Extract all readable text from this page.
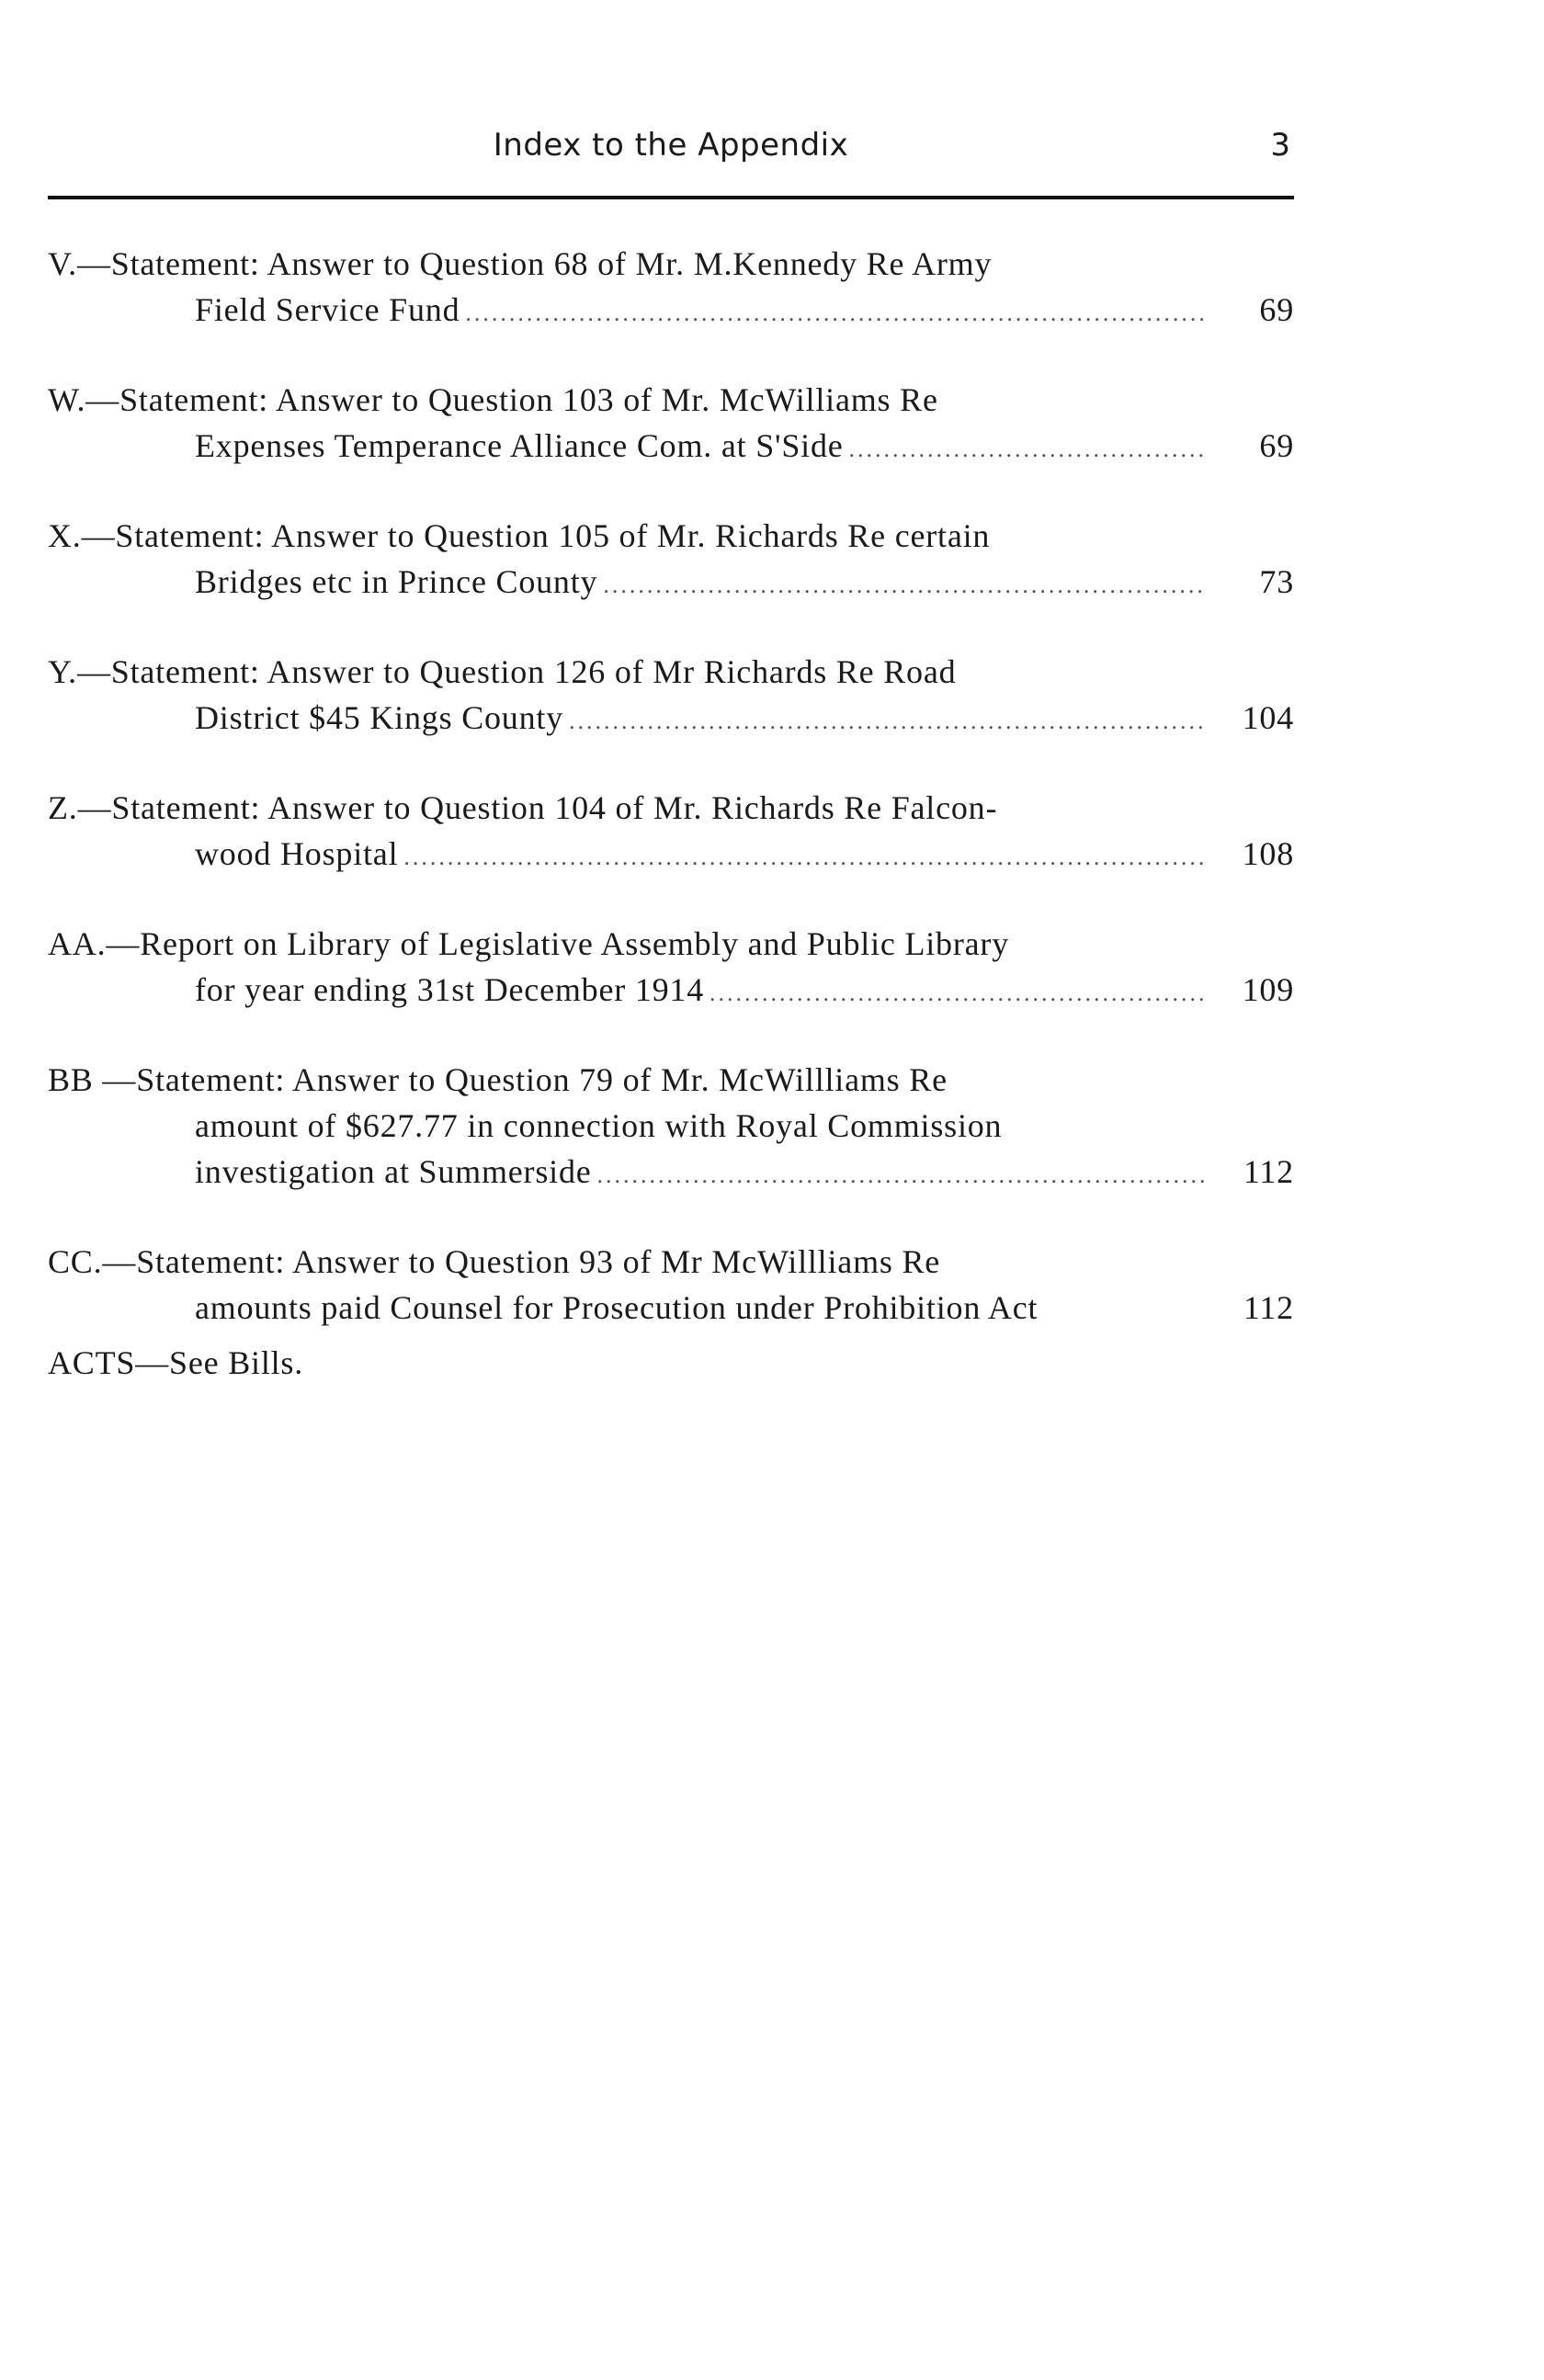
Index to the Appendix	3
V.—Statement: Answer to Question 68 of Mr. M.Kennedy Re Army
Field Service Fund .....	69
W.—Statement: Answer to Question 103 of Mr. McWilliams Re
Expenses Temperance Alliance Com. at S'Side .....	69
X.—Statement: Answer to Question 105 of Mr. Richards Re certain
Bridges etc in Prince County .....	73
Y.—Statement: Answer to Question 126 of Mr Richards Re Road
District $45 Kings County .....	104
Z.—Statement: Answer to Question 104 of Mr. Richards Re Falcon-
wood Hospital .....	108
AA.—Report on Library of Legislative Assembly and Public Library
for year ending 31st December 1914 .....	109
BB —Statement: Answer to Question 79 of Mr. McWillliams Re
amount of $627.77 in connection with Royal Commission
investigation at Summerside .....	112
CC.—Statement: Answer to Question 93 of Mr McWillliams Re
amounts paid Counsel for Prosecution under Prohibition Act	112
ACTS—See Bills.
